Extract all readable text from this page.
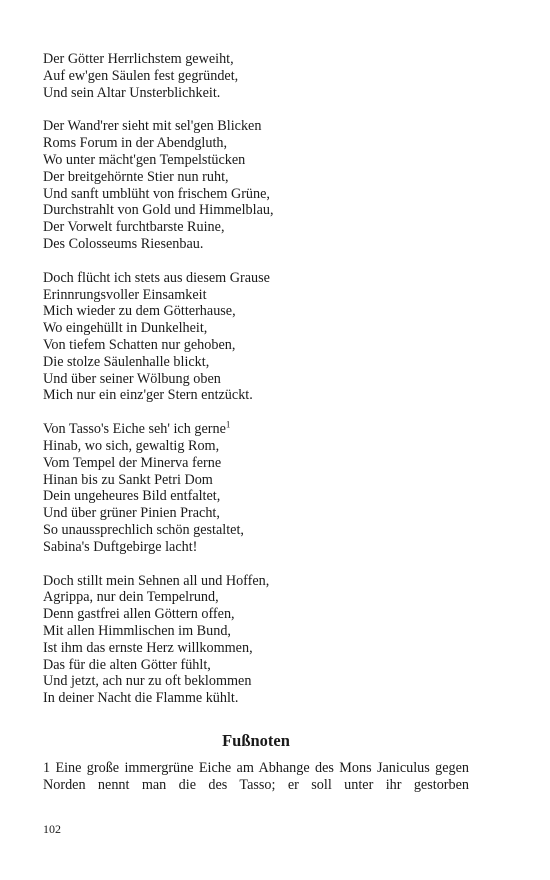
Der Götter Herrlichstem geweiht,
Auf ew'gen Säulen fest gegründet,
Und sein Altar Unsterblichkeit.
Der Wand'rer sieht mit sel'gen Blicken
Roms Forum in der Abendgluth,
Wo unter mächt'gen Tempelstücken
Der breitgehörnte Stier nun ruht,
Und sanft umblüht von frischem Grüne,
Durchstrahlt von Gold und Himmelblau,
Der Vorwelt furchtbarste Ruine,
Des Colosseums Riesenbau.
Doch flücht ich stets aus diesem Grause
Erinnrungsvoller Einsamkeit
Mich wieder zu dem Götterhause,
Wo eingehüllt in Dunkelheit,
Von tiefem Schatten nur gehoben,
Die stolze Säulenhalle blickt,
Und über seiner Wölbung oben
Mich nur ein einz'ger Stern entzückt.
Von Tasso's Eiche seh' ich gerne$^1$
Hinab, wo sich, gewaltig Rom,
Vom Tempel der Minerva ferne
Hinan bis zu Sankt Petri Dom
Dein ungeheures Bild entfaltet,
Und über grüner Pinien Pracht,
So unaussprechlich schön gestaltet,
Sabina's Duftgebirge lacht!
Doch stillt mein Sehnen all und Hoffen,
Agrippa, nur dein Tempelrund,
Denn gastfrei allen Göttern offen,
Mit allen Himmlischen im Bund,
Ist ihm das ernste Herz willkommen,
Das für die alten Götter fühlt,
Und jetzt, ach nur zu oft beklommen
In deiner Nacht die Flamme kühlt.
Fußnoten

1 Eine große immergrüne Eiche am Abhange des Mons Janiculus gegen Norden nennt man die des Tasso; er soll unter ihr gestorben

102
